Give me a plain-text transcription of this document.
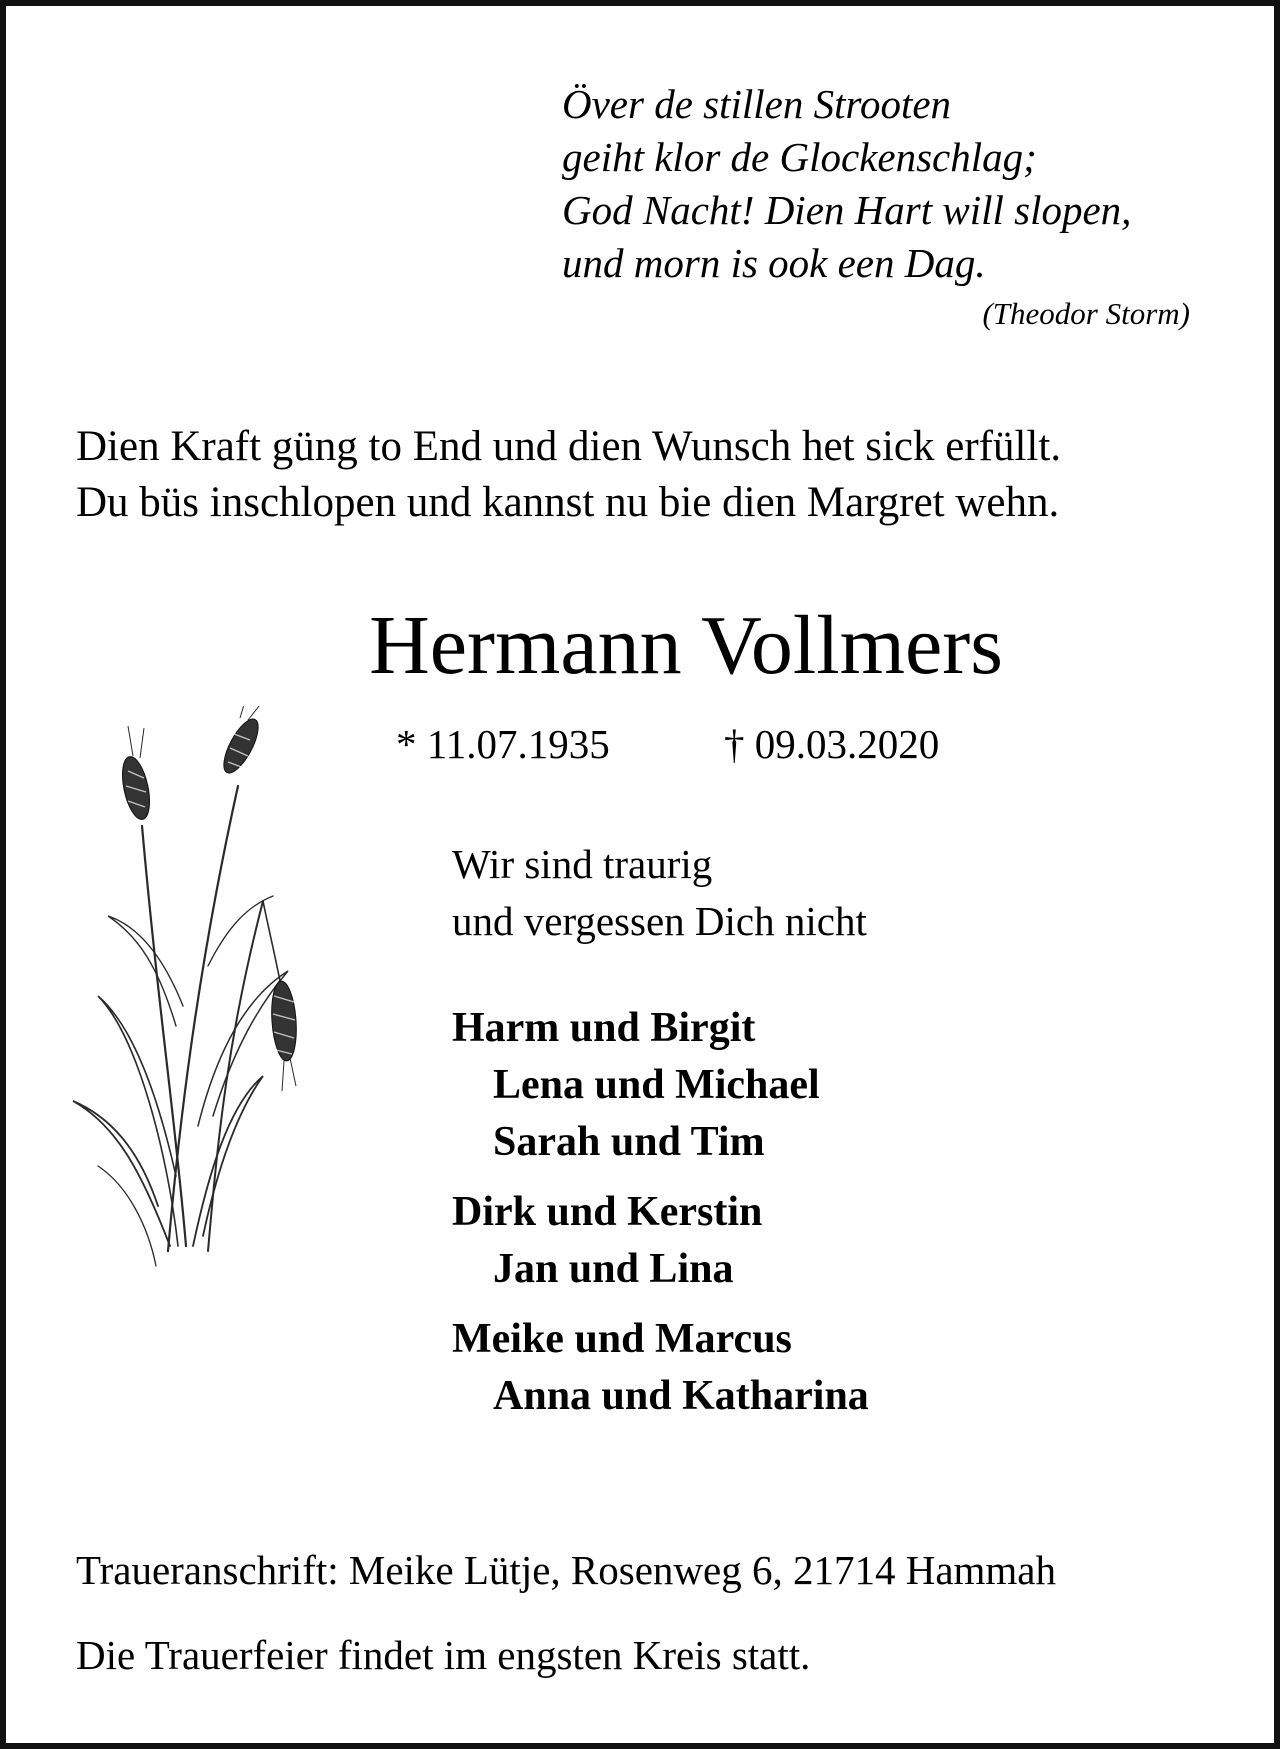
Över de stillen Strooten
geiht klor de Glockenschlag;
God Nacht! Dien Hart will slopen,
und morn is ook een Dag.
(Theodor Storm)
Dien Kraft güng to End und dien Wunsch het sick erfüllt.
Du büs inschlopen und kannst nu bie dien Margret wehn.
Hermann Vollmers
* 11.07.1935	† 09.03.2020
Wir sind traurig
und vergessen Dich nicht
Harm und Birgit
Lena und Michael
Sarah und Tim
Dirk und Kerstin
Jan und Lina
Meike und Marcus
Anna und Katharina
Traueranschrift: Meike Lütje, Rosenweg 6, 21714 Hammah
Die Trauerfeier findet im engsten Kreis statt.
